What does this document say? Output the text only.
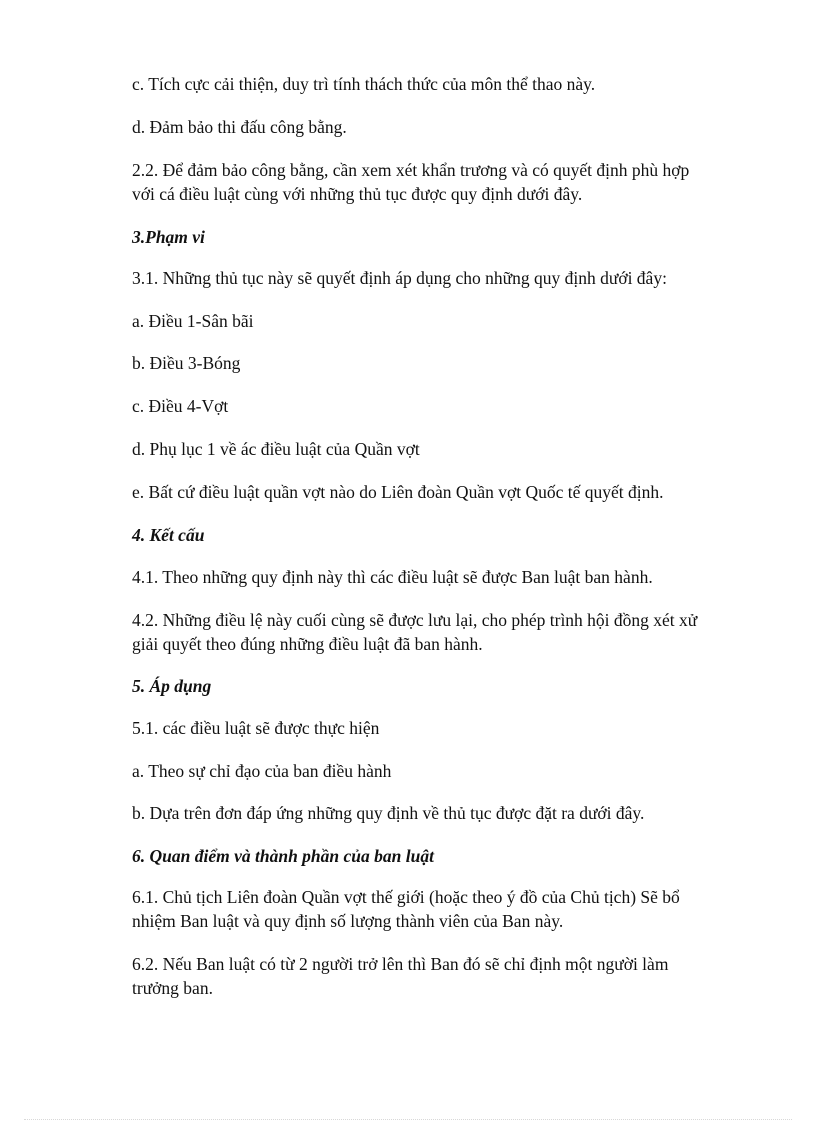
c. Tích cực cải thiện, duy trì tính thách thức của môn thể thao này.

d. Đảm bảo thi đấu công bằng.

2.2. Để đảm bảo công bằng, cần xem xét khẩn trương và có quyết định phù hợp
với cá điều luật cùng với những thủ tục được quy định dưới đây.

3.Phạm vi

3.1. Những thủ tục này sẽ quyết định áp dụng cho những quy định dưới đây:

a. Điều 1-Sân bãi

b. Điều 3-Bóng

c. Điều 4-Vợt

d. Phụ lục 1 về ác điều luật của Quần vợt

e. Bất cứ điều luật quần vợt nào do Liên đoàn Quần vợt Quốc tế quyết định.

4. Kết cấu

4.1. Theo những quy định này thì các điều luật sẽ được Ban luật ban hành.

4.2. Những điều lệ này cuối cùng sẽ được lưu lại, cho phép trình hội đồng xét xử
giải quyết theo đúng những điều luật đã ban hành.

5. Áp dụng

5.1. các điều luật sẽ được thực hiện

a. Theo sự chỉ đạo của ban điều hành

b. Dựa trên đơn đáp ứng những quy định về thủ tục được đặt ra dưới đây.

6. Quan điểm và thành phần của ban luật

6.1. Chủ tịch Liên đoàn Quần vợt thế giới (hoặc theo ý đồ của Chủ tịch) Sẽ bổ
nhiệm Ban luật và quy định số lượng thành viên của Ban này.

6.2. Nếu Ban luật có từ 2 người trở lên thì Ban đó sẽ chỉ định một người làm
trưởng ban.
